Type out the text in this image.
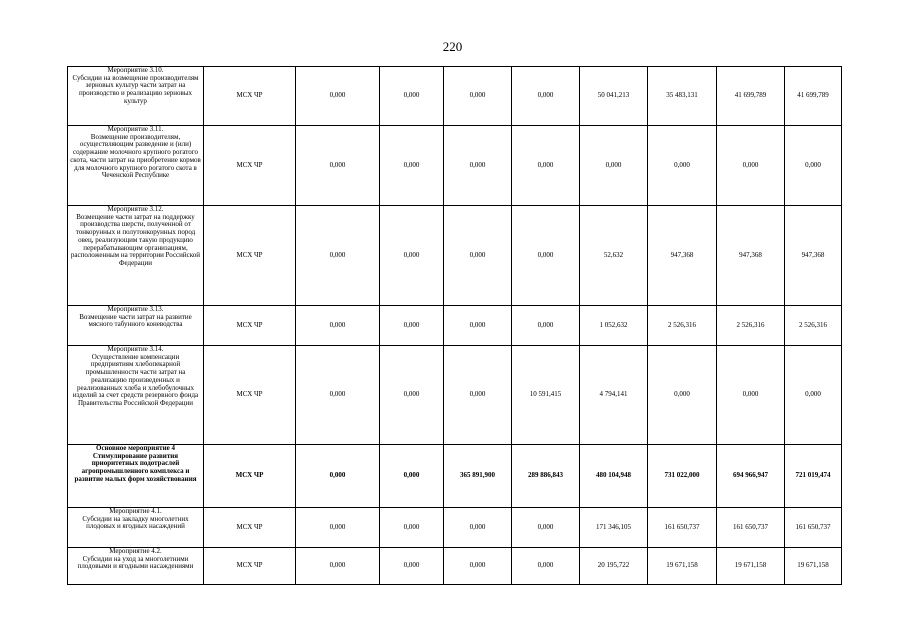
220
Мероприятие 3.10.
Субсидии на возмещение производителям зерновых культур части затрат на производство и реализацию зерновых культур	МСХ ЧР	0,000	0,000	0,000	0,000	50 041,213	35 483,131	41 699,789	41 699,789
Мероприятие 3.11.
Возмещение производителям, осуществляющим разведение и (или) содержание молочного крупного рогатого скота, части затрат на приобретение кормов для молочного крупного рогатого скота в Чеченской Республике	МСХ ЧР	0,000	0,000	0,000	0,000	0,000	0,000	0,000	0,000
Мероприятие 3.12.
Возмещение части затрат на поддержку производства шерсти, полученной от тонкорунных и полутонкорунных пород овец, реализующим такую продукцию перерабатывающим организациям, расположенным на территории Российской Федерации	МСХ ЧР	0,000	0,000	0,000	0,000	52,632	947,368	947,368	947,368
Мероприятие 3.13.
Возмещение части затрат на развитие мясного табунного коневодства	МСХ ЧР	0,000	0,000	0,000	0,000	1 052,632	2 526,316	2 526,316	2 526,316
Мероприятие 3.14.
Осуществление компенсации предприятиям хлебопекарной промышленности части затрат на реализацию произведенных и реализованных хлеба и хлебобулочных изделий за счет средств резервного фонда Правительства Российской Федерации	МСХ ЧР	0,000	0,000	0,000	10 591,415	4 794,141	0,000	0,000	0,000
Основное мероприятие 4
Стимулирование развития приоритетных подотраслей агропромышленного комплекса и развитие малых форм хозяйствования	МСХ ЧР	0,000	0,000	365 891,900	289 886,843	480 104,948	731 022,000	694 966,947	721 019,474
Мероприятие 4.1.
Субсидии на закладку многолетних плодовых и ягодных насаждений	МСХ ЧР	0,000	0,000	0,000	0,000	171 346,105	161 650,737	161 650,737	161 650,737
Мероприятие 4.2.
Субсидии на уход за многолетними плодовыми и ягодными насаждениями	МСХ ЧР	0,000	0,000	0,000	0,000	20 195,722	19 671,158	19 671,158	19 671,158
